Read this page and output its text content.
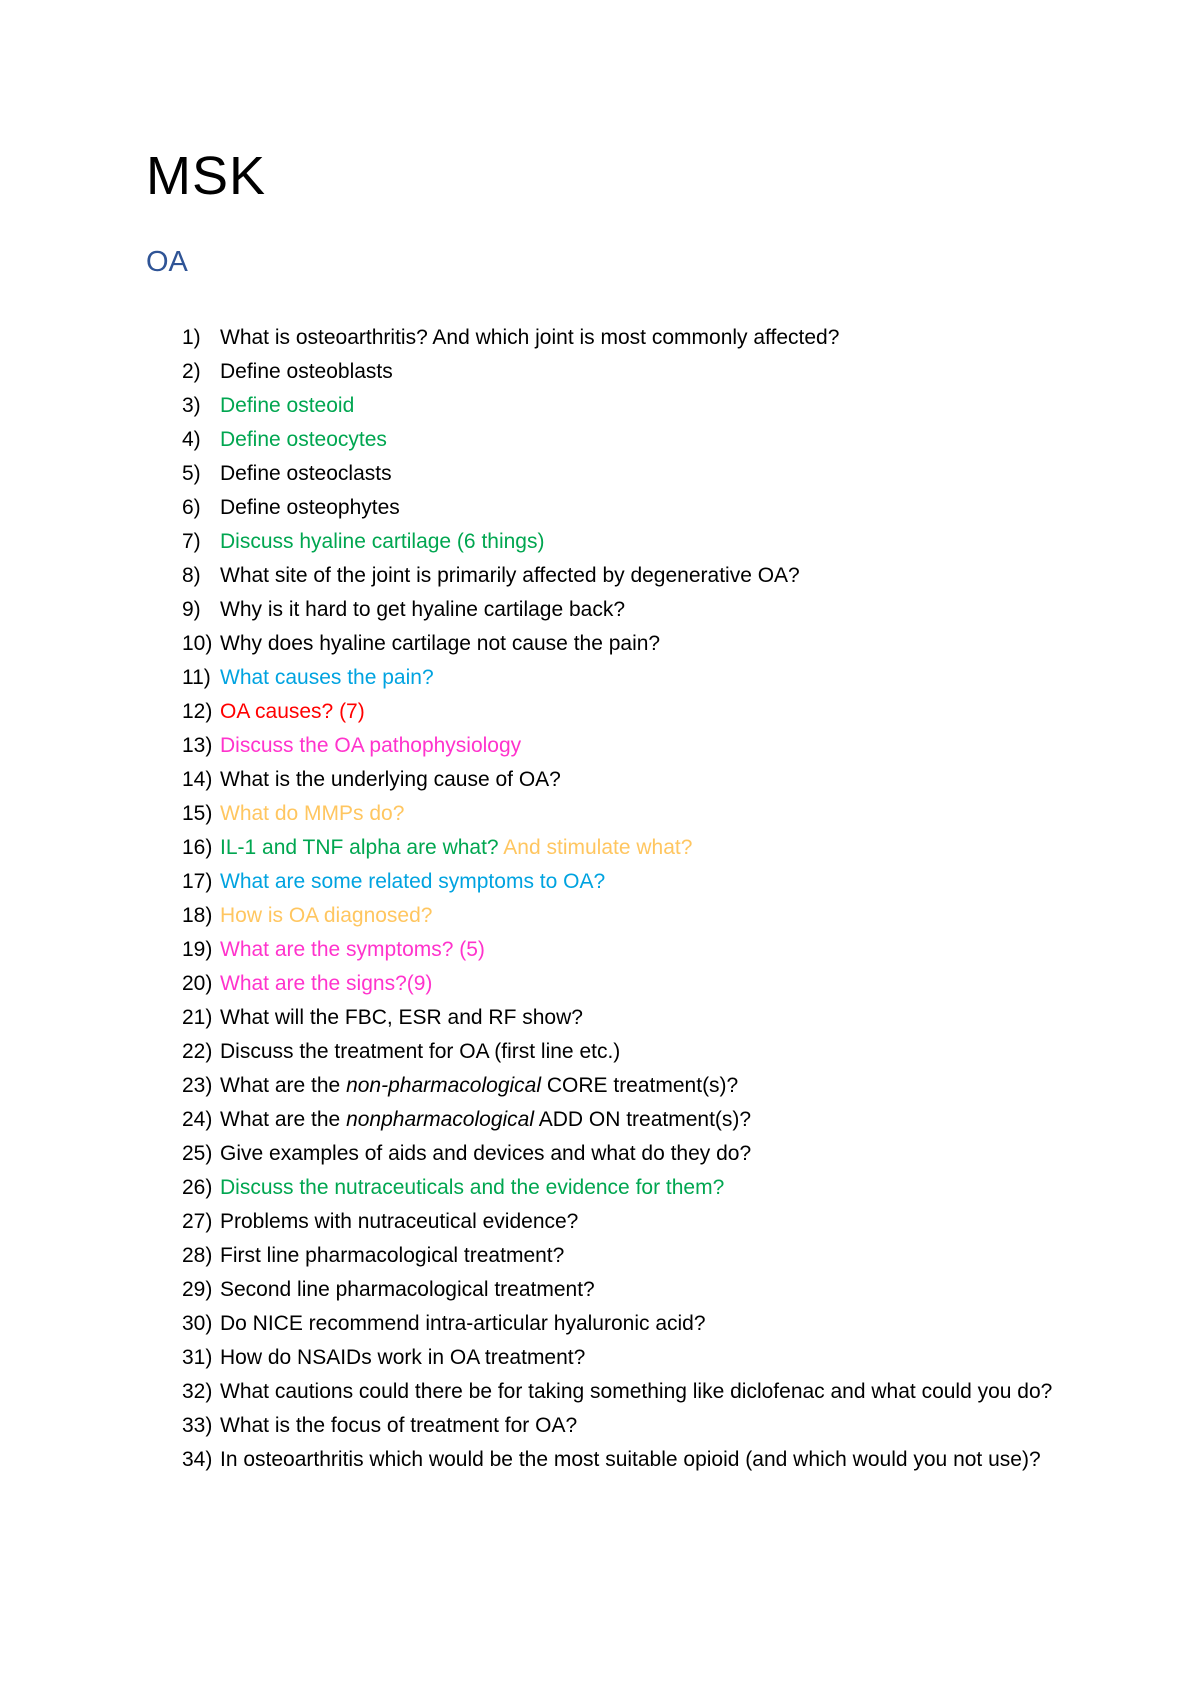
MSK
OA
1) What is osteoarthritis? And which joint is most commonly affected?
2) Define osteoblasts
3) Define osteoid
4) Define osteocytes
5) Define osteoclasts
6) Define osteophytes
7) Discuss hyaline cartilage (6 things)
8) What site of the joint is primarily affected by degenerative OA?
9) Why is it hard to get hyaline cartilage back?
10) Why does hyaline cartilage not cause the pain?
11) What causes the pain?
12) OA causes? (7)
13) Discuss the OA pathophysiology
14) What is the underlying cause of OA?
15) What do MMPs do?
16) IL-1 and TNF alpha are what? And stimulate what?
17) What are some related symptoms to OA?
18) How is OA diagnosed?
19) What are the symptoms? (5)
20) What are the signs?(9)
21) What will the FBC, ESR and RF show?
22) Discuss the treatment for OA (first line etc.)
23) What are the non-pharmacological CORE treatment(s)?
24) What are the nonpharmacological ADD ON treatment(s)?
25) Give examples of aids and devices and what do they do?
26) Discuss the nutraceuticals and the evidence for them?
27) Problems with nutraceutical evidence?
28) First line pharmacological treatment?
29) Second line pharmacological treatment?
30) Do NICE recommend intra-articular hyaluronic acid?
31) How do NSAIDs work in OA treatment?
32) What cautions could there be for taking something like diclofenac and what could you do?
33) What is the focus of treatment for OA?
34) In osteoarthritis which would be the most suitable opioid (and which would you not use)?
